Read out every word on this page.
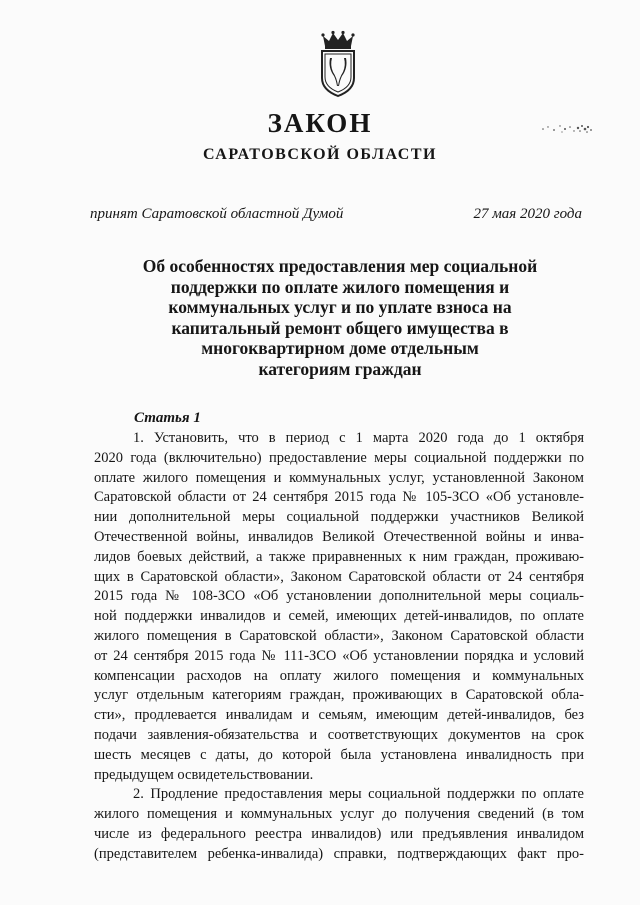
ЗАКОН
САРАТОВСКОЙ ОБЛАСТИ
принят Саратовской областной Думой	27 мая 2020 года
Об особенностях предоставления мер социальной
поддержки по оплате жилого помещения и
коммунальных услуг и по уплате взноса на
капитальный ремонт общего имущества в
многоквартирном доме отдельным
категориям граждан
Статья 1
1. Установить, что в период с 1 марта 2020 года до 1 октября
2020 года (включительно) предоставление меры социальной поддержки по
оплате жилого помещения и коммунальных услуг, установленной Законом
Саратовской области от 24 сентября 2015 года № 105-ЗСО «Об установле-
нии дополнительной меры социальной поддержки участников Великой
Отечественной войны, инвалидов Великой Отечественной войны и инва-
лидов боевых действий, а также приравненных к ним граждан, проживаю-
щих в Саратовской области», Законом Саратовской области от 24 сентября
2015 года № 108-ЗСО «Об установлении дополнительной меры социаль-
ной поддержки инвалидов и семей, имеющих детей-инвалидов, по оплате
жилого помещения в Саратовской области», Законом Саратовской области
от 24 сентября 2015 года № 111-ЗСО «Об установлении порядка и условий
компенсации расходов на оплату жилого помещения и коммунальных
услуг отдельным категориям граждан, проживающих в Саратовской обла-
сти», продлевается инвалидам и семьям, имеющим детей-инвалидов, без
подачи заявления-обязательства и соответствующих документов на срок
шесть месяцев с даты, до которой была установлена инвалидность при
предыдущем освидетельствовании.
2. Продление предоставления меры социальной поддержки по оплате
жилого помещения и коммунальных услуг до получения сведений (в том
числе из федерального реестра инвалидов) или предъявления инвалидом
(представителем ребенка-инвалида) справки, подтверждающих факт про-
